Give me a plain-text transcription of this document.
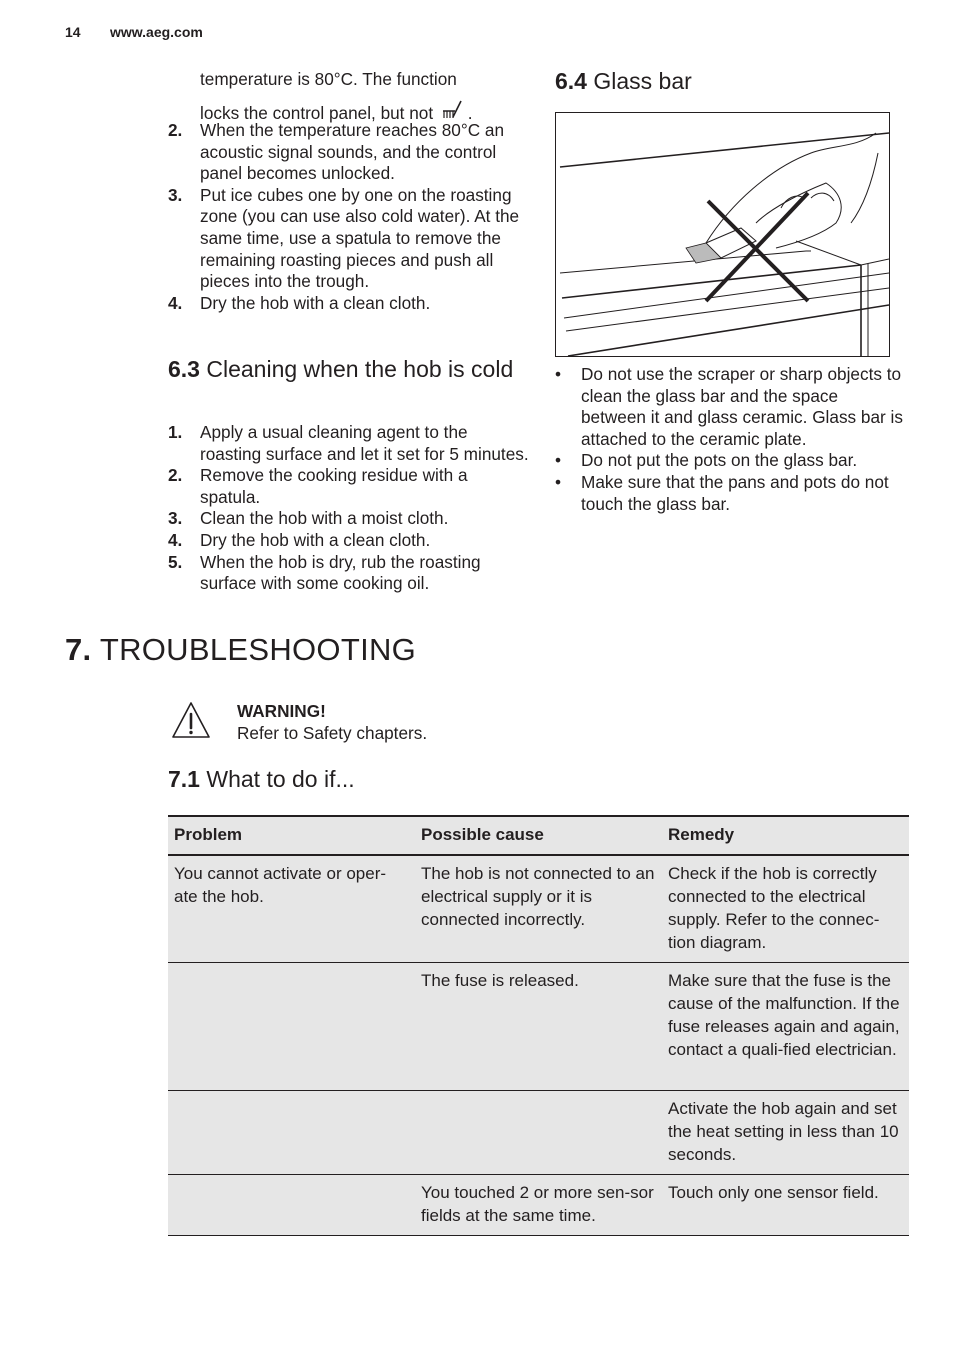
14 www.aeg.com
temperature is 80°C. The function
locks the control panel, but not .
2. When the temperature reaches 80°C an acoustic signal sounds, and the control panel becomes unlocked.
3. Put ice cubes one by one on the roasting zone (you can use also cold water). At the same time, use a spatula to remove the remaining roasting pieces and push all pieces into the trough.
4. Dry the hob with a clean cloth.
6.3 Cleaning when the hob is cold
1. Apply a usual cleaning agent to the roasting surface and let it set for 5 minutes.
2. Remove the cooking residue with a spatula.
3. Clean the hob with a moist cloth.
4. Dry the hob with a clean cloth.
5. When the hob is dry, rub the roasting surface with some cooking oil.
6.4 Glass bar
• Do not use the scraper or sharp objects to clean the glass bar and the space between it and glass ceramic. Glass bar is attached to the ceramic plate.
• Do not put the pots on the glass bar.
• Make sure that the pans and pots do not touch the glass bar.
7. TROUBLESHOOTING
WARNING!
Refer to Safety chapters.
7.1 What to do if...
Problem	Possible cause	Remedy
You cannot activate or oper-ate the hob.	The hob is not connected to an electrical supply or it is connected incorrectly.	Check if the hob is correctly connected to the electrical supply. Refer to the connec-tion diagram.
	The fuse is released.	Make sure that the fuse is the cause of the malfunction. If the fuse releases again and again, contact a quali-fied electrician.
		Activate the hob again and set the heat setting in less than 10 seconds.
	You touched 2 or more sen-sor fields at the same time.	Touch only one sensor field.
